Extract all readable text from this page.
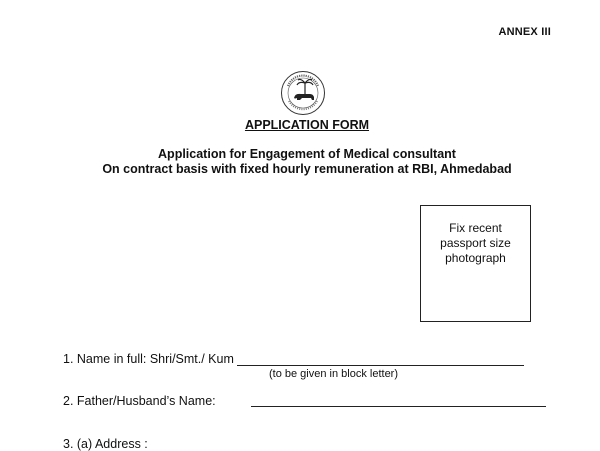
ANNEX III
APPLICATION FORM
Application for Engagement of Medical consultant
On contract basis with fixed hourly remuneration at RBI, Ahmedabad
Fix recent
passport size
photograph
1. Name in full: Shri/Smt./ Kum
(to be given in block letter)
2. Father/Husband’s Name:
3. (a) Address :
